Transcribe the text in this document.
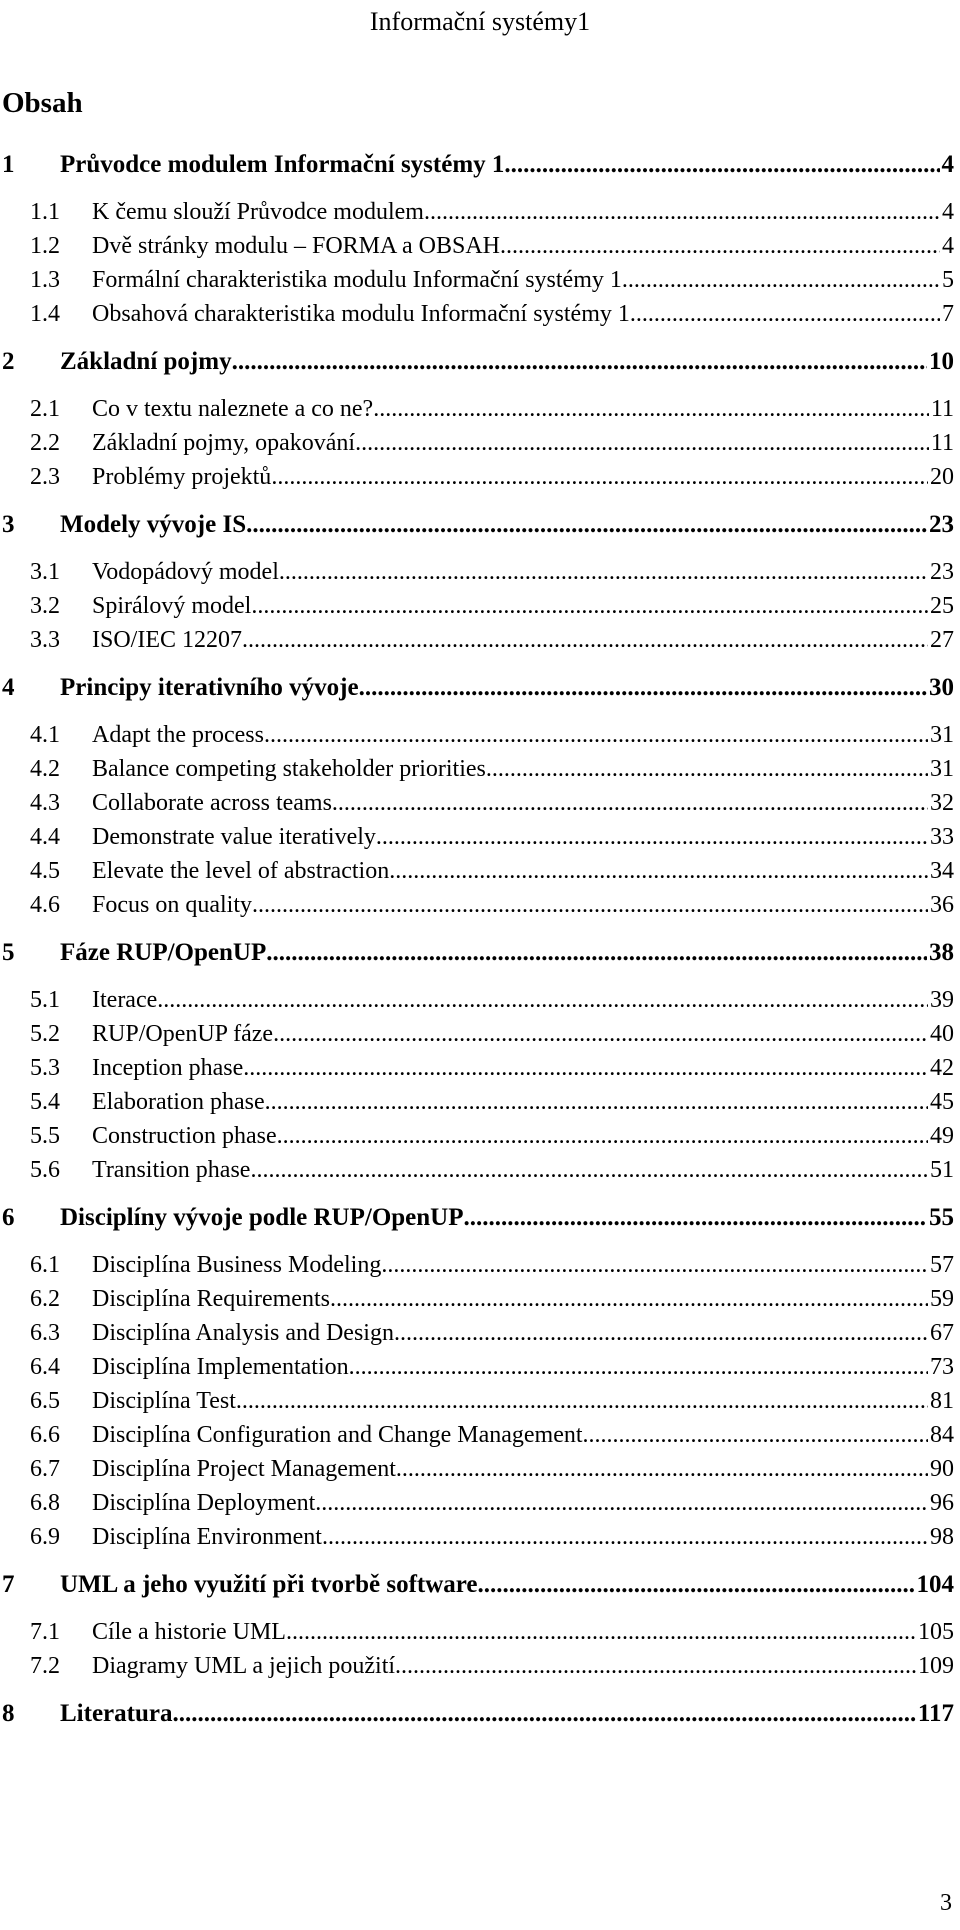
Informační systémy1
Obsah
1	Průvodce modulem Informační systémy 1 .....	4
1.1	K čemu slouží Průvodce modulem .....	4
1.2	Dvě stránky modulu – FORMA a OBSAH .....	4
1.3	Formální charakteristika modulu Informační systémy 1 .....	5
1.4	Obsahová charakteristika modulu Informační systémy 1 .....	7
2	Základní pojmy .....	10
2.1	Co v textu naleznete a co ne? .....	11
2.2	Základní pojmy, opakování .....	11
2.3	Problémy projektů .....	20
3	Modely vývoje IS .....	23
3.1	Vodopádový model .....	23
3.2	Spirálový model .....	25
3.3	ISO/IEC 12207 .....	27
4	Principy iterativního vývoje .....	30
4.1	Adapt the process .....	31
4.2	Balance competing stakeholder priorities .....	31
4.3	Collaborate across teams .....	32
4.4	Demonstrate value iteratively .....	33
4.5	Elevate the level of abstraction .....	34
4.6	Focus on quality .....	36
5	Fáze RUP/OpenUP .....	38
5.1	Iterace .....	39
5.2	RUP/OpenUP fáze .....	40
5.3	Inception phase .....	42
5.4	Elaboration phase .....	45
5.5	Construction phase .....	49
5.6	Transition phase .....	51
6	Disciplíny vývoje podle RUP/OpenUP .....	55
6.1	Disciplína Business Modeling .....	57
6.2	Disciplína Requirements .....	59
6.3	Disciplína Analysis and Design .....	67
6.4	Disciplína Implementation .....	73
6.5	Disciplína Test .....	81
6.6	Disciplína Configuration and Change Management .....	84
6.7	Disciplína Project Management .....	90
6.8	Disciplína Deployment .....	96
6.9	Disciplína Environment .....	98
7	UML a jeho využití při tvorbě software .....	104
7.1	Cíle a historie UML .....	105
7.2	Diagramy UML a jejich použití .....	109
8	Literatura .....	117
3
